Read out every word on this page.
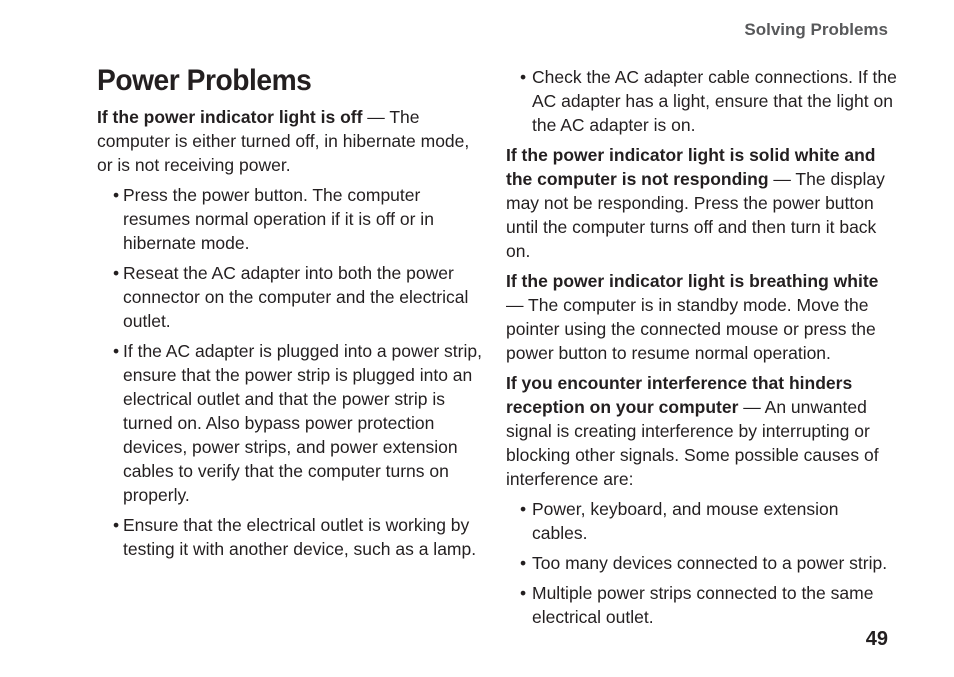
Solving Problems
Power Problems

If the power indicator light is off — The computer is either turned off, in hibernate mode, or is not receiving power.

• Press the power button. The computer resumes normal operation if it is off or in hibernate mode.
• Reseat the AC adapter into both the power connector on the computer and the electrical outlet.
• If the AC adapter is plugged into a power strip, ensure that the power strip is plugged into an electrical outlet and that the power strip is turned on. Also bypass power protection devices, power strips, and power extension cables to verify that the computer turns on properly.
• Ensure that the electrical outlet is working by testing it with another device, such as a lamp.
• Check the AC adapter cable connections. If the AC adapter has a light, ensure that the light on the AC adapter is on.

If the power indicator light is solid white and the computer is not responding — The display may not be responding. Press the power button until the computer turns off and then turn it back on.

If the power indicator light is breathing white — The computer is in standby mode. Move the pointer using the connected mouse or press the power button to resume normal operation.

If you encounter interference that hinders reception on your computer — An unwanted signal is creating interference by interrupting or blocking other signals. Some possible causes of interference are:

• Power, keyboard, and mouse extension cables.
• Too many devices connected to a power strip.
• Multiple power strips connected to the same electrical outlet.
49
